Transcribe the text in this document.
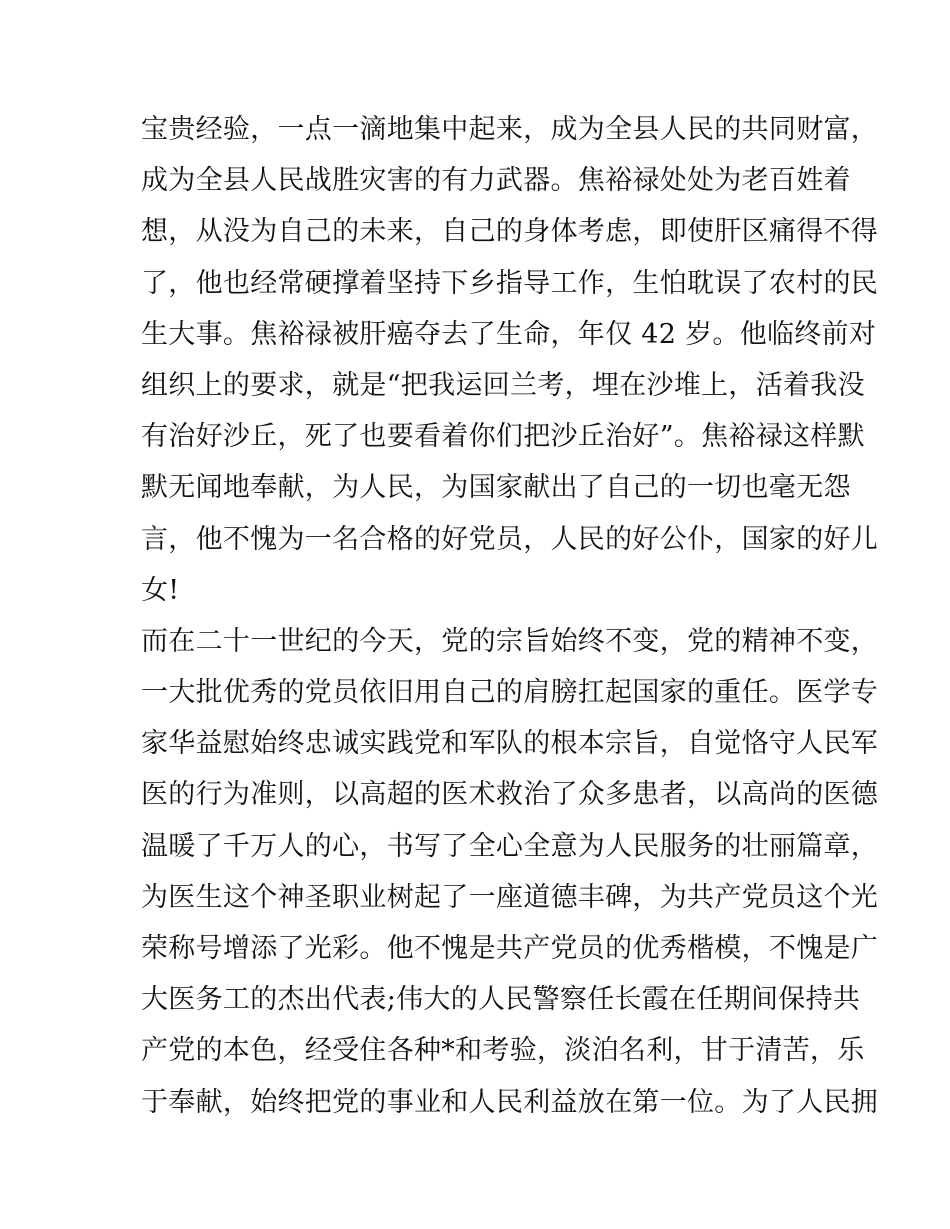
宝贵经验，一点一滴地集中起来，成为全县人民的共同财富，
成为全县人民战胜灾害的有力武器。焦裕禄处处为老百姓着
想，从没为自己的未来，自己的身体考虑，即使肝区痛得不得
了，他也经常硬撑着坚持下乡指导工作，生怕耽误了农村的民
生大事。焦裕禄被肝癌夺去了生命，年仅 42 岁。他临终前对
组织上的要求，就是“把我运回兰考，埋在沙堆上，活着我没
有治好沙丘，死了也要看着你们把沙丘治好”。焦裕禄这样默
默无闻地奉献，为人民，为国家献出了自己的一切也毫无怨
言，他不愧为一名合格的好党员，人民的好公仆，国家的好儿
女!
而在二十一世纪的今天，党的宗旨始终不变，党的精神不变，
一大批优秀的党员依旧用自己的肩膀扛起国家的重任。医学专
家华益慰始终忠诚实践党和军队的根本宗旨，自觉恪守人民军
医的行为准则，以高超的医术救治了众多患者，以高尚的医德
温暖了千万人的心，书写了全心全意为人民服务的壮丽篇章，
为医生这个神圣职业树起了一座道德丰碑，为共产党员这个光
荣称号增添了光彩。他不愧是共产党员的优秀楷模，不愧是广
大医务工的杰出代表;伟大的人民警察任长霞在任期间保持共
产党的本色，经受住各种*和考验，淡泊名利，甘于清苦，乐
于奉献，始终把党的事业和人民利益放在第一位。为了人民拥
